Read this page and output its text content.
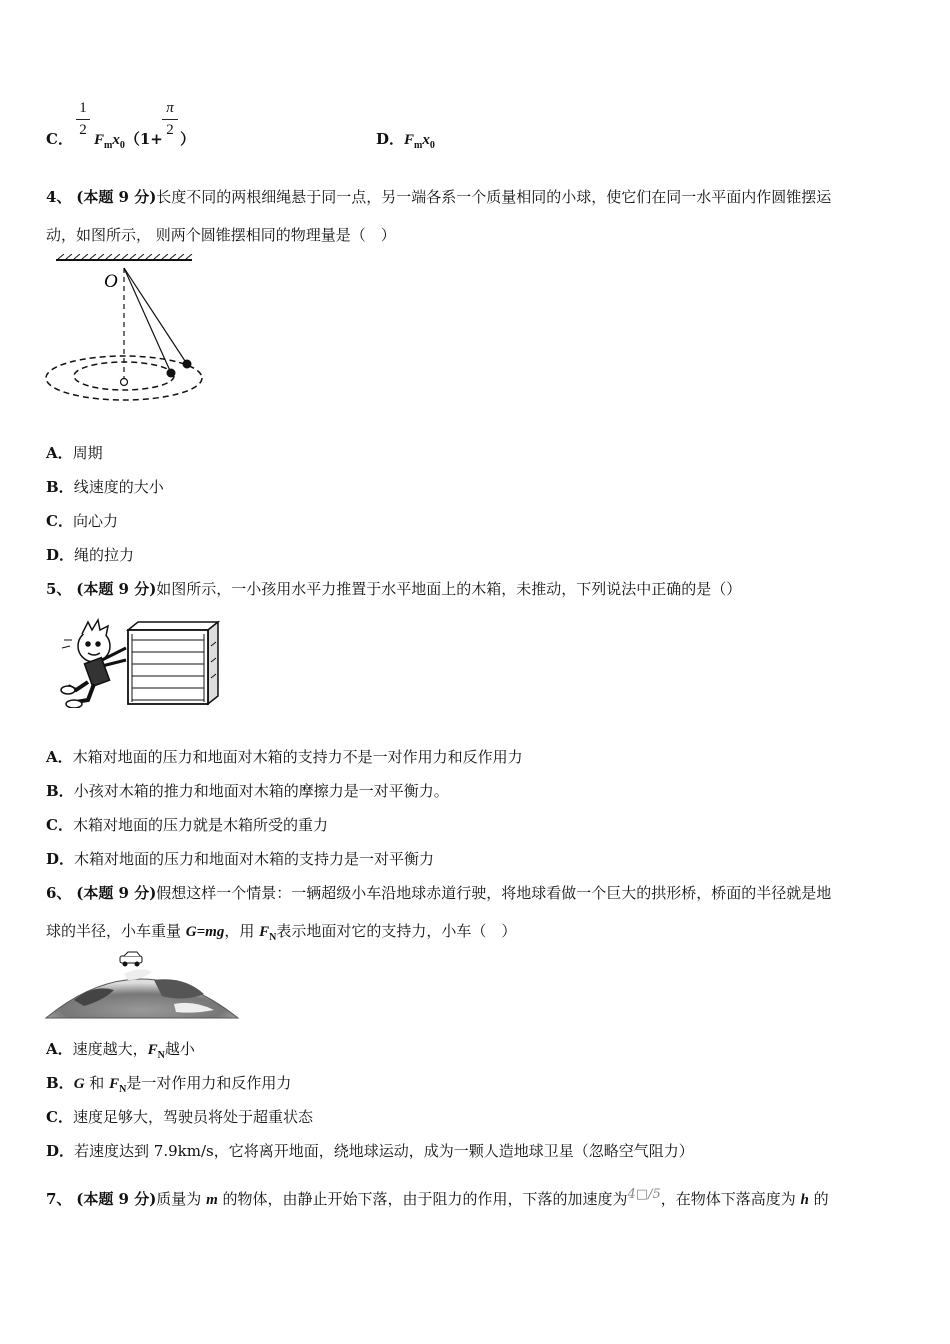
C．
1
2
$F_mx_0(1+$
π
2 ）	D．$F_mx_0$
4、 (本题 9 分)长度不同的两根细绳悬于同一点，另一端各系一个质量相同的小球，使它们在同一水平面内作圆锥摆运
动，如图所示， 则两个圆锥摆相同的物理量是（　）
O
A．周期
B．线速度的大小
C．向心力
D．绳的拉力
5、 (本题 9 分)如图所示，一小孩用水平力推置于水平地面上的木箱，未推动，下列说法中正确的是（）
A．木箱对地面的压力和地面对木箱的支持力不是一对作用力和反作用力
B．小孩对木箱的推力和地面对木箱的摩擦力是一对平衡力。
C．木箱对地面的压力就是木箱所受的重力
D．木箱对地面的压力和地面对木箱的支持力是一对平衡力
6、 (本题 9 分)假想这样一个情景：一辆超级小车沿地球赤道行驶，将地球看做一个巨大的拱形桥，桥面的半径就是地
球的半径，小车重量 G=mg，用 $F_N$表示地面对它的支持力，小车（　）
A．速度越大，$F_N$越小
B．G 和 $F_N$是一对作用力和反作用力
C．速度足够大，驾驶员将处于超重状态
D．若速度达到 7.9km/s，它将离开地面，绕地球运动，成为一颗人造地球卫星（忽略空气阻力）
7、 (本题 9 分)质量为 m 的物体，由静止开始下落，由于阻力的作用，下落的加速度为4□/5，在物体下落高度为 h 的
